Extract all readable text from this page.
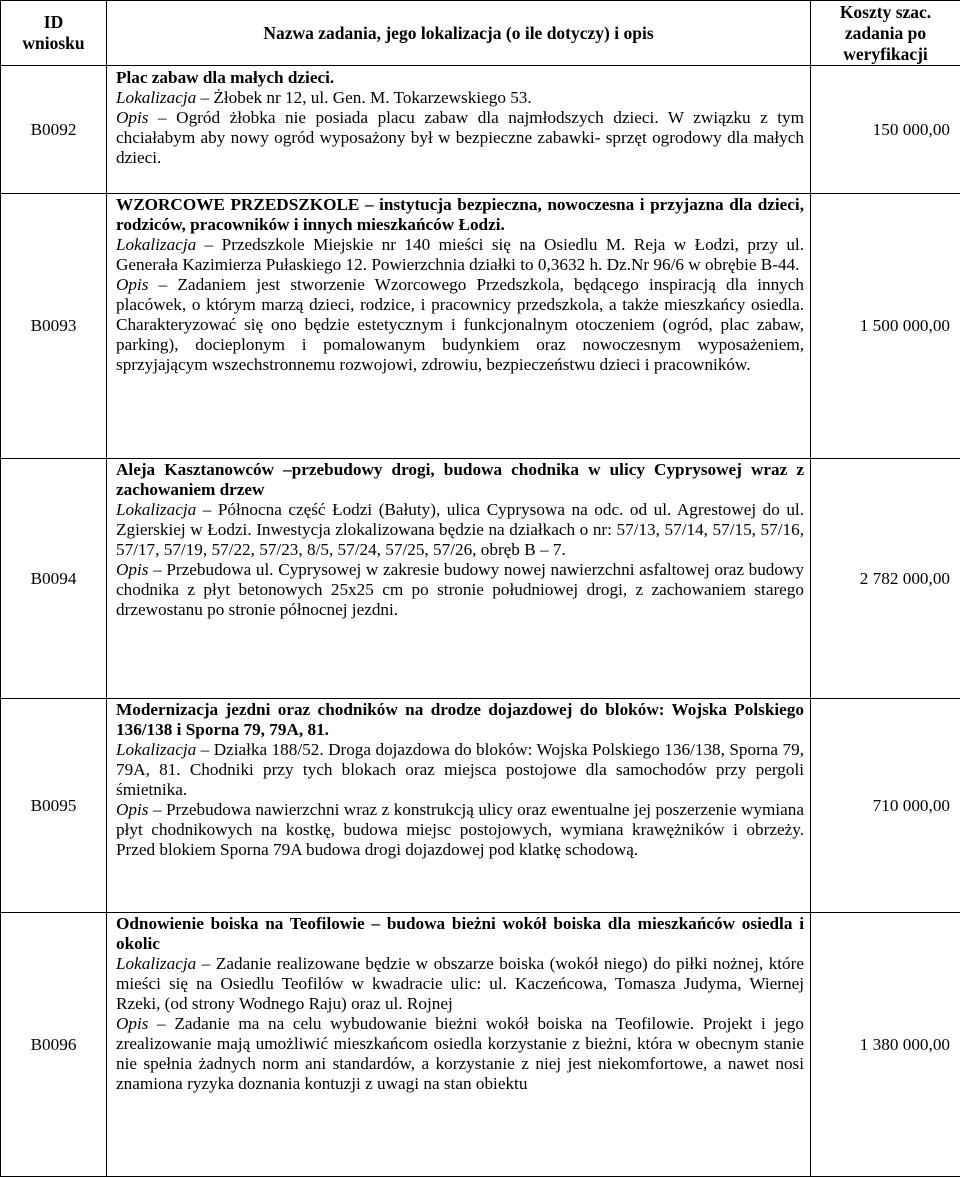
ID
wniosku	Nazwa zadania, jego lokalizacja (o ile dotyczy) i opis	Koszty szac.
zadania po
weryfikacji
B0092	Plac zabaw dla małych dzieci.

Lokalizacja – Żłobek nr 12, ul. Gen. M. Tokarzewskiego 53.

Opis – Ogród żłobka nie posiada placu zabaw dla najmłodszych dzieci. W związku z tym chciałabym aby nowy ogród wyposażony był w bezpieczne zabawki- sprzęt ogrodowy dla małych dzieci.	150 000,00
B0093	WZORCOWE PRZEDSZKOLE – instytucja bezpieczna, nowoczesna i przyjazna dla dzieci, rodziców, pracowników i innych mieszkańców Łodzi.

Lokalizacja – Przedszkole Miejskie nr 140 mieści się na Osiedlu M. Reja w Łodzi, przy ul. Generała Kazimierza Pułaskiego 12. Powierzchnia działki to 0,3632 h. Dz.Nr 96/6 w obrębie B-44.

Opis – Zadaniem jest stworzenie Wzorcowego Przedszkola, będącego inspiracją dla innych placówek, o którym marzą dzieci, rodzice, i pracownicy przedszkola, a także mieszkańcy osiedla. Charakteryzować się ono będzie estetycznym i funkcjonalnym otoczeniem (ogród, plac zabaw, parking), docieplonym i pomalowanym budynkiem oraz nowoczesnym wyposażeniem, sprzyjającym wszechstronnemu rozwojowi, zdrowiu, bezpieczeństwu dzieci i pracowników.	1 500 000,00
B0094	Aleja Kasztanowców –przebudowy drogi, budowa chodnika w ulicy Cyprysowej wraz z zachowaniem drzew

Lokalizacja – Północna część Łodzi (Bałuty), ulica Cyprysowa na odc. od ul. Agrestowej do ul. Zgierskiej w Łodzi. Inwestycja zlokalizowana będzie na działkach o nr: 57/13, 57/14, 57/15, 57/16, 57/17, 57/19, 57/22, 57/23, 8/5, 57/24, 57/25, 57/26, obręb B – 7.

Opis – Przebudowa ul. Cyprysowej w zakresie budowy nowej nawierzchni asfaltowej oraz budowy chodnika z płyt betonowych 25x25 cm po stronie południowej drogi, z zachowaniem starego drzewostanu po stronie północnej jezdni.	2 782 000,00
B0095	Modernizacja jezdni oraz chodników na drodze dojazdowej do bloków: Wojska Polskiego 136/138 i Sporna 79, 79A, 81.

Lokalizacja – Działka 188/52. Droga dojazdowa do bloków: Wojska Polskiego 136/138, Sporna 79, 79A, 81. Chodniki przy tych blokach oraz miejsca postojowe dla samochodów przy pergoli śmietnika.

Opis – Przebudowa nawierzchni wraz z konstrukcją ulicy oraz ewentualne jej poszerzenie wymiana płyt chodnikowych na kostkę, budowa miejsc postojowych, wymiana krawężników i obrzeży. Przed blokiem Sporna 79A budowa drogi dojazdowej pod klatkę schodową.	710 000,00
B0096	Odnowienie boiska na Teofilowie – budowa bieżni wokół boiska dla mieszkańców osiedla i okolic

Lokalizacja – Zadanie realizowane będzie w obszarze boiska (wokół niego) do piłki nożnej, które mieści się na Osiedlu Teofilów w kwadracie ulic: ul. Kaczeńcowa, Tomasza Judyma, Wiernej Rzeki, (od strony Wodnego Raju) oraz ul. Rojnej

Opis – Zadanie ma na celu wybudowanie bieżni wokół boiska na Teofilowie. Projekt i jego zrealizowanie mają umożliwić mieszkańcom osiedla korzystanie z bieżni, która w obecnym stanie nie spełnia żadnych norm ani standardów, a korzystanie z niej jest niekomfortowe, a nawet nosi znamiona ryzyka doznania kontuzji z uwagi na stan obiektu	1 380 000,00
